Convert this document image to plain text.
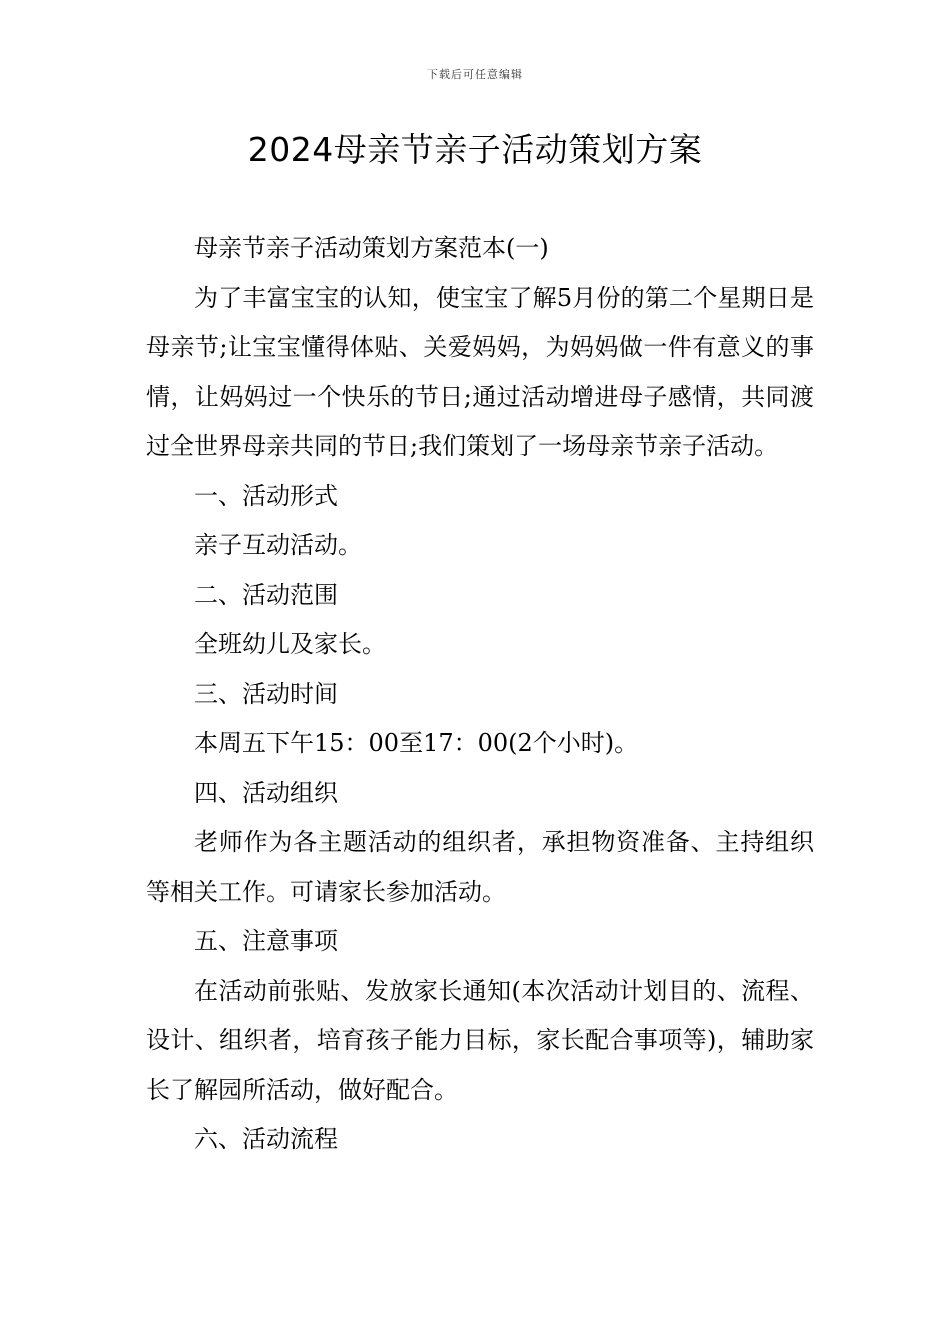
下载后可任意编辑
2024母亲节亲子活动策划方案

母亲节亲子活动策划方案范本(一)

为了丰富宝宝的认知，使宝宝了解5月份的第二个星期日是母亲节;让宝宝懂得体贴、关爱妈妈，为妈妈做一件有意义的事情，让妈妈过一个快乐的节日;通过活动增进母子感情，共同渡过全世界母亲共同的节日;我们策划了一场母亲节亲子活动。

一、活动形式

亲子互动活动。

二、活动范围

全班幼儿及家长。

三、活动时间

本周五下午15：00至17：00(2个小时)。

四、活动组织

老师作为各主题活动的组织者，承担物资准备、主持组织等相关工作。可请家长参加活动。

五、注意事项

在活动前张贴、发放家长通知(本次活动计划目的、流程、设计、组织者，培育孩子能力目标，家长配合事项等)，辅助家长了解园所活动，做好配合。

六、活动流程
